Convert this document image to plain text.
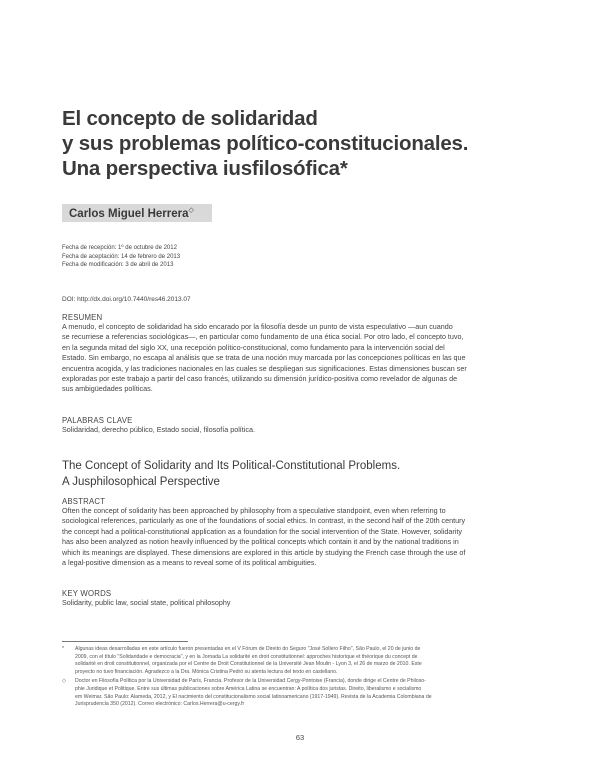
El concepto de solidaridad
y sus problemas político-constitucionales.
Una perspectiva iusfilosófica*
Carlos Miguel Herrera◇
Fecha de recepción: 1º de octubre de 2012
Fecha de aceptación: 14 de febrero de 2013
Fecha de modificación: 3 de abril de 2013
DOI: http://dx.doi.org/10.7440/res46.2013.07
RESUMEN
A menudo, el concepto de solidaridad ha sido encarado por la filosofía desde un punto de vista especulativo —aun cuando
se recurriese a referencias sociológicas—, en particular como fundamento de una ética social. Por otro lado, el concepto tuvo,
en la segunda mitad del siglo XX, una recepción político-constitucional, como fundamento para la intervención social del
Estado. Sin embargo, no escapa al análisis que se trata de una noción muy marcada por las concepciones políticas en las que
encuentra acogida, y las tradiciones nacionales en las cuales se despliegan sus significaciones. Estas dimensiones buscan ser
exploradas por este trabajo a partir del caso francés, utilizando su dimensión jurídico-positiva como revelador de algunas de
sus ambigüedades políticas.
PALABRAS CLAVE
Solidaridad, derecho público, Estado social, filosofía política.
The Concept of Solidarity and Its Political-Constitutional Problems.
A Jusphilosophical Perspective
ABSTRACT
Often the concept of solidarity has been approached by philosophy from a speculative standpoint, even when referring to
sociological references, particularly as one of the foundations of social ethics. In contrast, in the second half of the 20th century
the concept had a political-constitutional application as a foundation for the social intervention of the State. However, solidarity
has also been analyzed as notion heavily influenced by the political concepts which contain it and by the national traditions in
which its meanings are displayed. These dimensions are explored in this article by studying the French case through the use of
a legal-positive dimension as a means to reveal some of its political ambiguities.
KEY WORDS
Solidarity, public law, social state, political philosophy
* Algunas ideas desarrolladas en este artículo fueron presentadas en el V Fórum de Direito do Seguro "José Sollero Filho", São Paulo, el 20 de junio de
2009, con el título "Solidaridade e democracia", y en la Jornada La solidarité en droit constitutionnel: approches historique et théorique du concept de
solidarité en droit constitutionnel, organizada por el Centre de Droit Constitutionnel de la Université Jean Moulin - Lyon 3, el 26 de marzo de 2010. Este
proyecto no tuvo financiación. Agradezco a la Dra. Mónica Cristina Pedró su atenta lectura del texto en castellano.
◇ Doctor en Filosofía Política por la Universidad de París, Francia. Profesor de la Universidad Cergy-Pontoise (Francia), donde dirige el Centre de Philoso-
phie Juridique et Politique. Entre sus últimas publicaciones sobre América Latina se encuentran: A política dos juristas. Direito, liberalismo e socialismo
em Weimar. São Paulo: Alameda, 2012, y El nacimiento del constitucionalismo social latinoamericano (1917-1949). Revista de la Academia Colombiana de
Jurisprudencia 350 (2012). Correo electrónico: Carlos.Herrera@u-cergy.fr
63
